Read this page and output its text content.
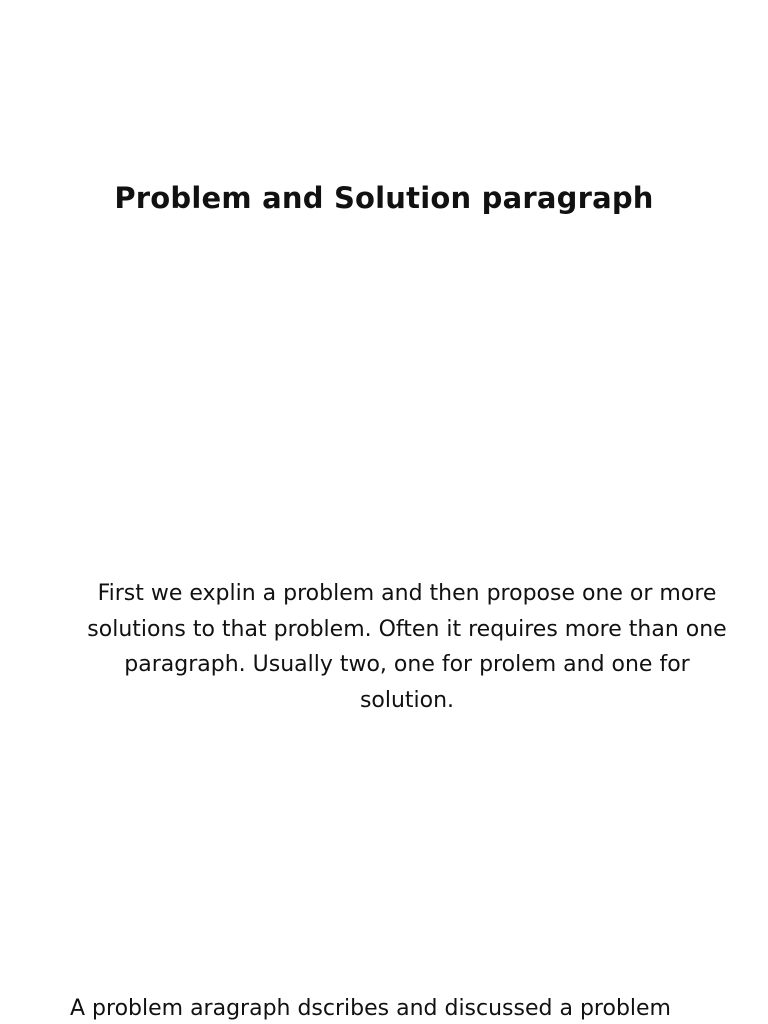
Problem and Solution paragraph

First we explin a problem and then propose one or more solutions to that problem. Often it requires more than one paragraph. Usually two, one for prolem and one for solution.

A problem aragraph dscribes and discussed a problem
